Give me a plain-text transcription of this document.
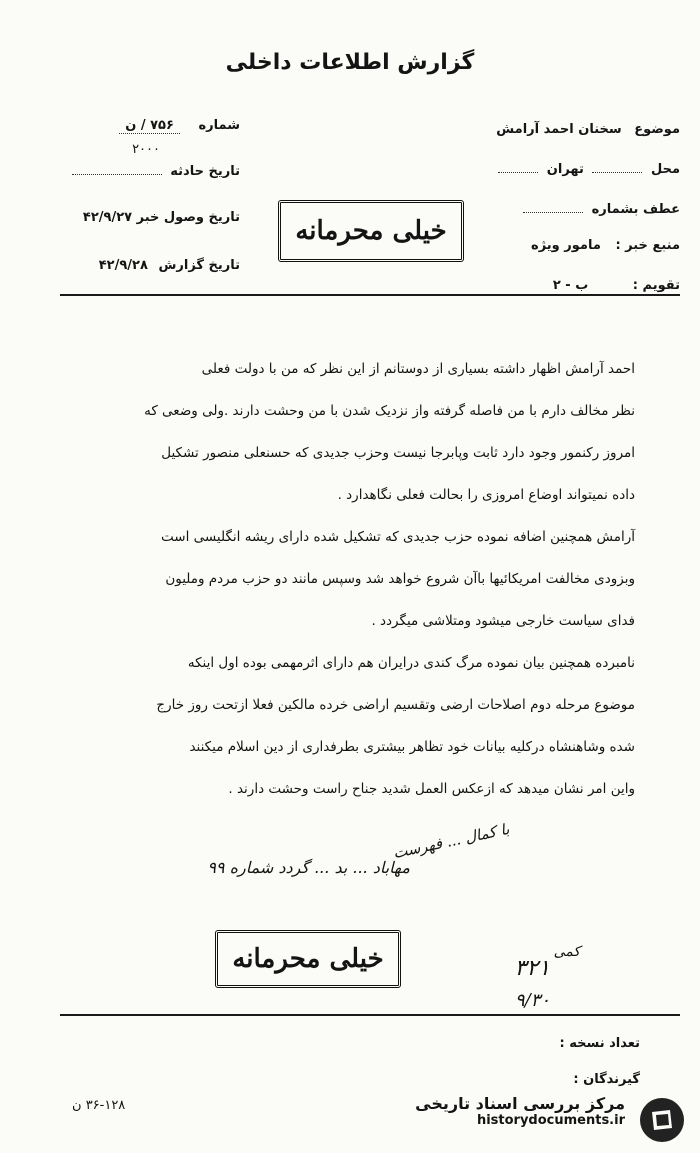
گزارش اطلاعات داخلی
موضوع سخنان احمد آرامش
محل  تهران
عطف بشماره
منبع خبر : مامور ویژه
تقویم : ب - ۲
شماره ۷۵۶ / ن
۲۰۰۰
تاریخ حادثه
تاریخ وصول خبر ۴۲/۹/۲۷
تاریخ گزارش ۴۲/۹/۲۸
خیلی محرمانه
احمد آرامش اظهار داشته بسیاری از دوستانم از این نظر که من با دولت فعلی
نظر مخالف دارم با من فاصله گرفته واز نزدیک شدن با من وحشت دارند .ولی وضعی که
امروز رکنمور وجود دارد ثابت وپابرجا نیست وحزب جدیدی که حسنعلی منصور تشکیل
داده نمیتواند اوضاع امروزی را بحالت فعلی نگاهدارد .
آرامش همچنین اضافه نموده حزب جدیدی که تشکیل شده دارای ریشه انگلیسی است
وبزودی مخالفت امریکائیها باآن شروع خواهد شد وسپس مانند دو حزب مردم وملیون
فدای سیاست خارجی میشود ومتلاشی میگردد .
نامبرده همچنین بیان نموده مرگ کندی درایران هم دارای اثرمهمی بوده اول اینکه
موضوع مرحله دوم اصلاحات ارضی وتقسیم اراضی خرده مالکین فعلا ازتحت روز خارج
شده وشاهنشاه درکلیه بیانات خود تظاهر بیشتری بطرفداری از دین اسلام میکنند
واین امر نشان میدهد که ازعکس العمل شدید جناح راست وحشت دارند .
مهاباد ... بد ... گردد شماره ۹۹
با کمال ... فهرست
کمی
۳۲۱
۹/۳۰
خیلی محرمانه
تعداد نسخه :
گیرندگان :
۳۶-۱۲۸ ن	مرکز بررسی اسناد تاریخی
historydocuments.ir
